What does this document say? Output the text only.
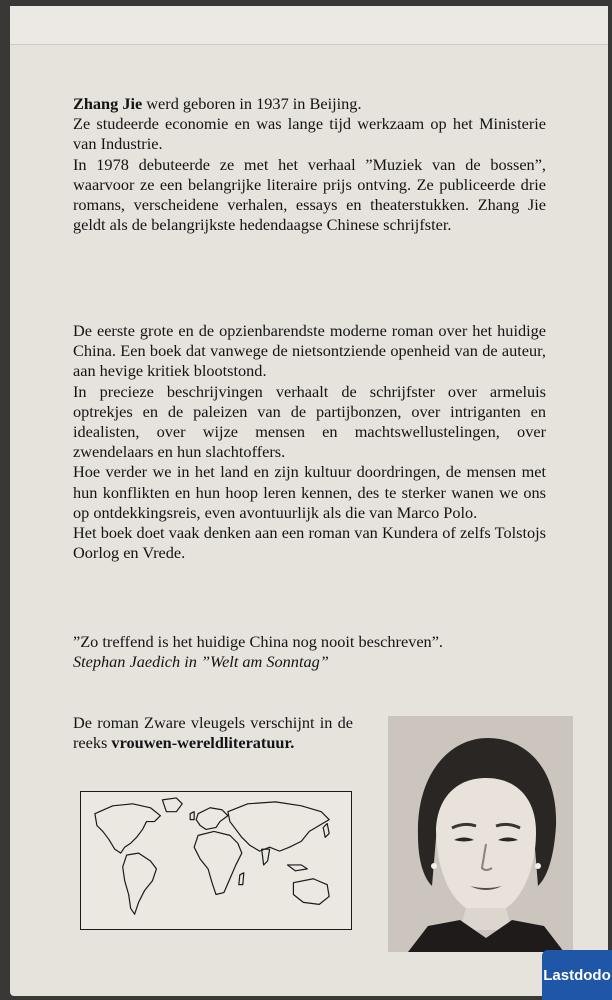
Zhang Jie werd geboren in 1937 in Beijing.
Ze studeerde economie en was lange tijd werkzaam op het Ministerie van Industrie.

In 1978 debuteerde ze met het verhaal ”Muziek van de bossen”, waarvoor ze een belangrijke literaire prijs ontving. Ze publiceerde drie romans, verscheidene verhalen, essays en theaterstukken. Zhang Jie geldt als de belangrijkste hedendaagse Chinese schrijfster.

De eerste grote en de opzienbarendste moderne roman over het huidige China. Een boek dat vanwege de nietsontziende openheid van de auteur, aan hevige kritiek blootstond.

In precieze beschrijvingen verhaalt de schrijfster over armeluis optrekjes en de paleizen van de partijbonzen, over intriganten en idealisten, over wijze mensen en machtswellustelingen, over zwendelaars en hun slachtoffers.

Hoe verder we in het land en zijn kultuur doordringen, de mensen met hun konflikten en hun hoop leren kennen, des te sterker wanen we ons op ontdekkingsreis, even avontuurlijk als die van Marco Polo.

Het boek doet vaak denken aan een roman van Kundera of zelfs Tolstojs Oorlog en Vrede.

”Zo treffend is het huidige China nog nooit beschreven”.

Stephan Jaedich in ”Welt am Sonntag”

De roman Zware vleugels verschijnt in de reeks vrouwen-wereldliteratuur.

Lastdodo
